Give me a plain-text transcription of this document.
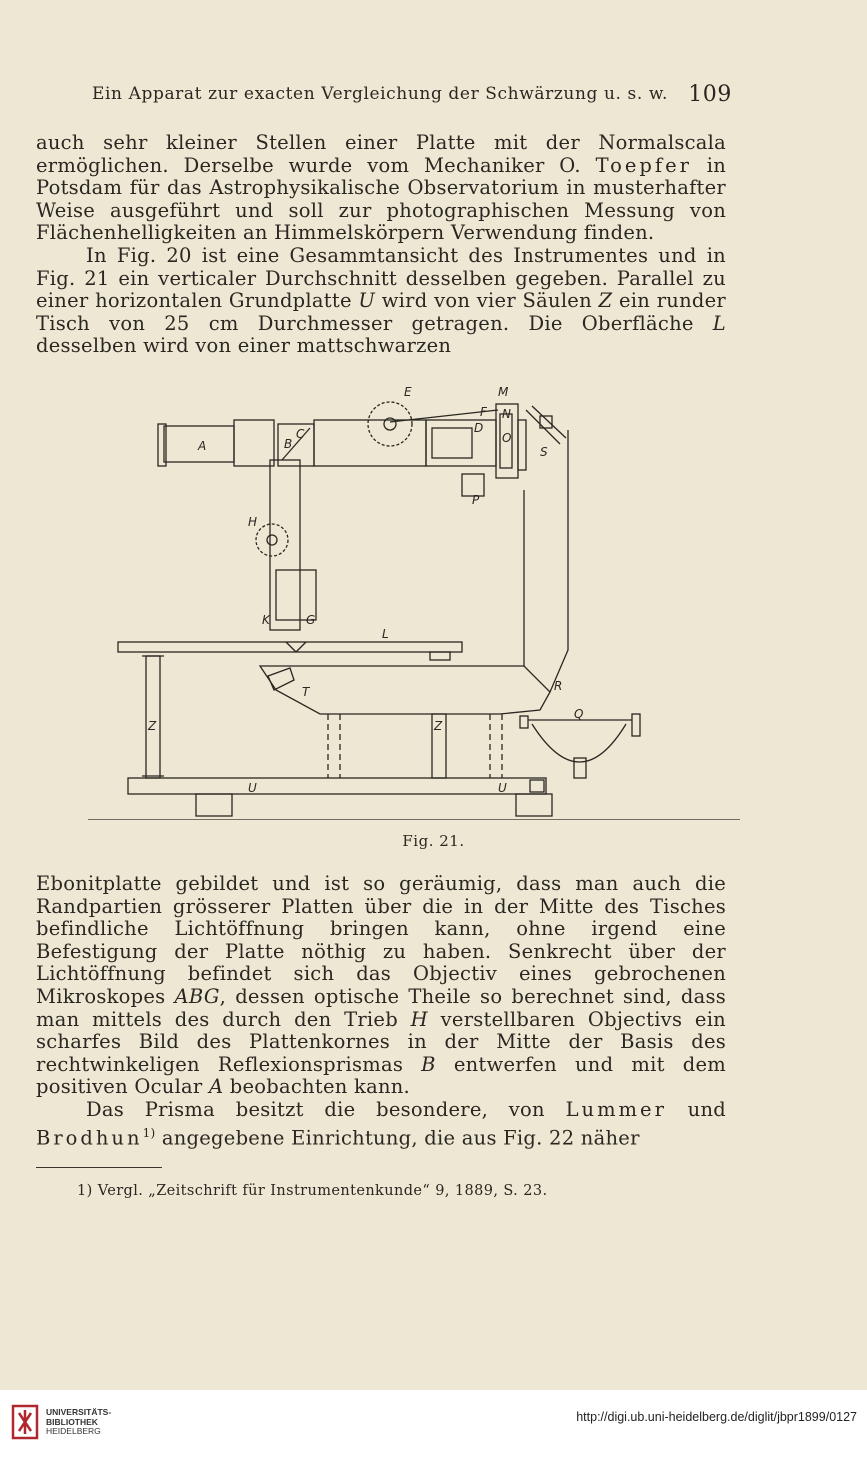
Ein Apparat zur exacten Vergleichung der Schwärzung u. s. w. 109

auch sehr kleiner Stellen einer Platte mit der Normalscala ermöglichen. Derselbe wurde vom Mechaniker O. Toepfer in Potsdam für das Astrophysikalische Observatorium in musterhafter Weise ausgeführt und soll zur photographischen Messung von Flächenhelligkeiten an Himmelskörpern Verwendung finden.

In Fig. 20 ist eine Gesammtansicht des Instrumentes und in Fig. 21 ein verticaler Durchschnitt desselben gegeben. Parallel zu einer horizontalen Grundplatte U wird von vier Säulen Z ein runder Tisch von 25 cm Durchmesser getragen. Die Oberfläche L desselben wird von einer mattschwarzen

E	M
F N
O
D
A	B
C
S
P
H
K	G
L
T	R
Q
Z	Z
U	U
Fig. 21.

Ebonitplatte gebildet und ist so geräumig, dass man auch die Randpartien grösserer Platten über die in der Mitte des Tisches befindliche Lichtöffnung bringen kann, ohne irgend eine Befestigung der Platte nöthig zu haben. Senkrecht über der Lichtöffnung befindet sich das Objectiv eines gebrochenen Mikroskopes ABG, dessen optische Theile so berechnet sind, dass man mittels des durch den Trieb H verstellbaren Objectivs ein scharfes Bild des Plattenkornes in der Mitte der Basis des rechtwinkeligen Reflexionsprismas B entwerfen und mit dem positiven Ocular A beobachten kann.

Das Prisma besitzt die besondere, von Lummer und Brodhun$^{1)}$ angegebene Einrichtung, die aus Fig. 22 näher

1) Vergl. „Zeitschrift für Instrumentenkunde“ 9, 1889, S. 23.
UNIVERSITÄTS-
BIBLIOTHEK
HEIDELBERG
http://digi.ub.uni-heidelberg.de/diglit/jbpr1899/0127
